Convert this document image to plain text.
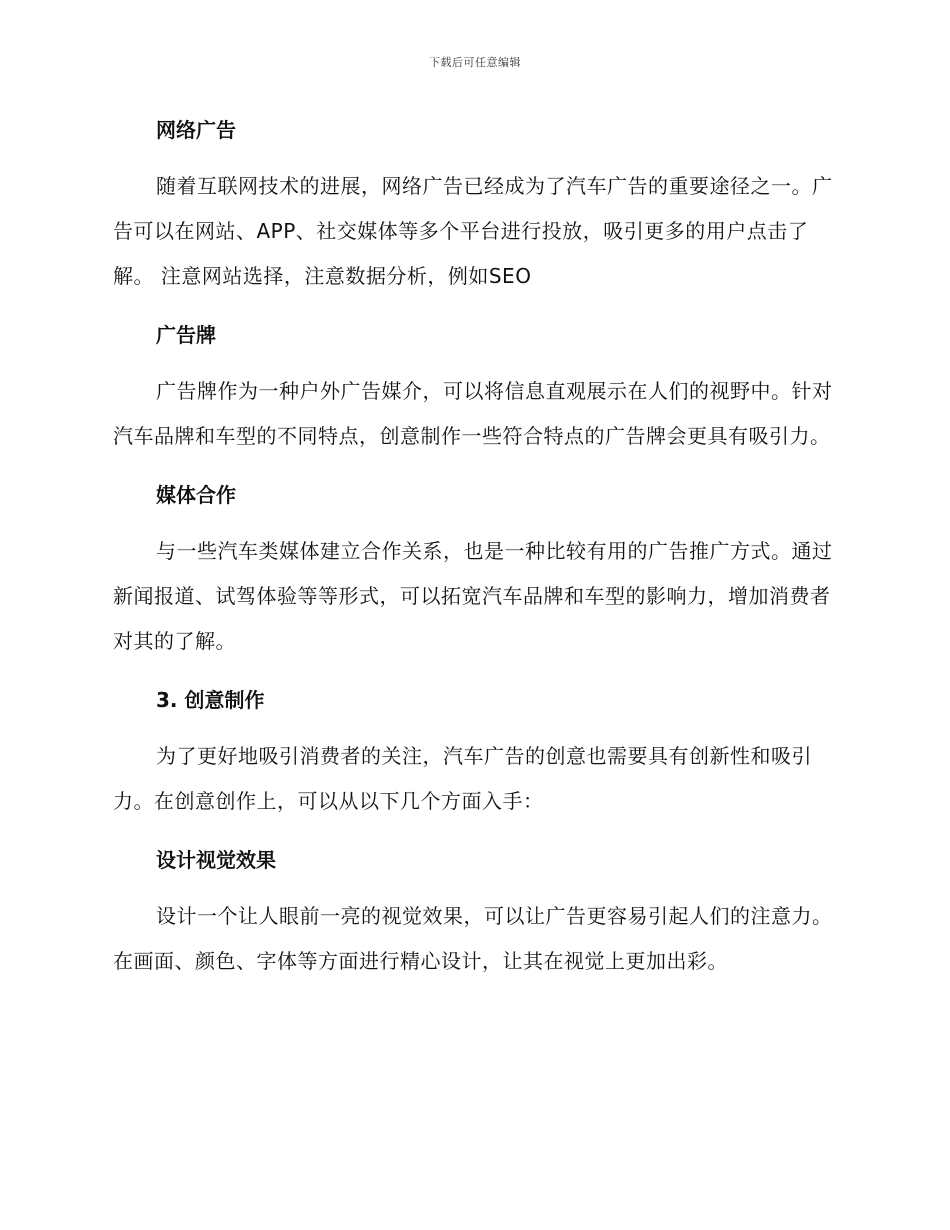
下载后可任意编辑
网络广告

随着互联网技术的进展，网络广告已经成为了汽车广告的重要途径之一。广告可以在网站、APP、社交媒体等多个平台进行投放，吸引更多的用户点击了解。 注意网站选择，注意数据分析，例如SEO

广告牌

广告牌作为一种户外广告媒介，可以将信息直观展示在人们的视野中。针对汽车品牌和车型的不同特点，创意制作一些符合特点的广告牌会更具有吸引力。

媒体合作

与一些汽车类媒体建立合作关系，也是一种比较有用的广告推广方式。通过新闻报道、试驾体验等等形式，可以拓宽汽车品牌和车型的影响力，增加消费者对其的了解。

3. 创意制作

为了更好地吸引消费者的关注，汽车广告的创意也需要具有创新性和吸引力。在创意创作上，可以从以下几个方面入手：

设计视觉效果

设计一个让人眼前一亮的视觉效果，可以让广告更容易引起人们的注意力。在画面、颜色、字体等方面进行精心设计，让其在视觉上更加出彩。
